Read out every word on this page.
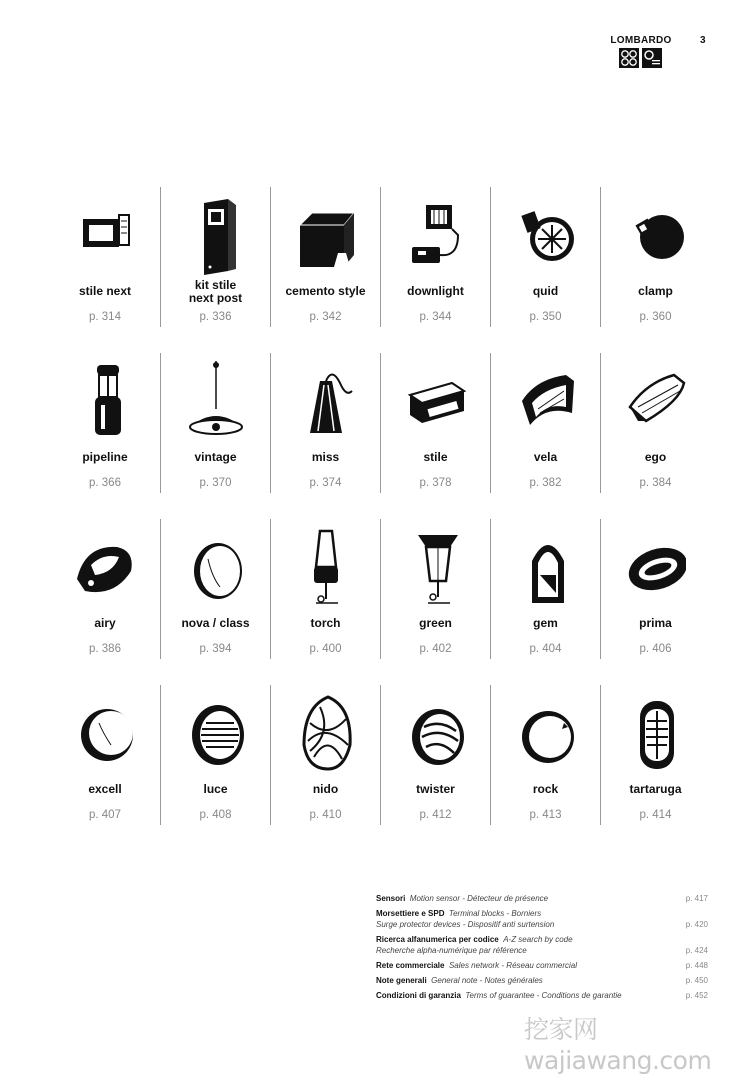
LOMBARDO	3
stile next
p. 314
kit stile
next post
p. 336
cemento style
p. 342
downlight
p. 344
quid
p. 350
clamp
p. 360
pipeline
p. 366
vintage
p. 370
miss
p. 374
stile
p. 378
vela
p. 382
ego
p. 384
airy
p. 386
nova / class
p. 394
torch
p. 400
green
p. 402
gem
p. 404
prima
p. 406
excell
p. 407
luce
p. 408
nido
p. 410
twister
p. 412
rock
p. 413
tartaruga
p. 414
Sensori Motion sensor - Détecteur de présence	p. 417
Morsettiere e SPD Terminal blocks - Borniers
Surge protector devices - Dispositif anti surtension	p. 420
Ricerca alfanumerica per codice A-Z search by code
Recherche alpha-numérique par référence	p. 424
Rete commerciale Sales network - Réseau commercial	p. 448
Note generali General note - Notes générales	p. 450
Condizioni di garanzia Terms of guarantee - Conditions de garantie	p. 452
挖家网 wajiawang.com
